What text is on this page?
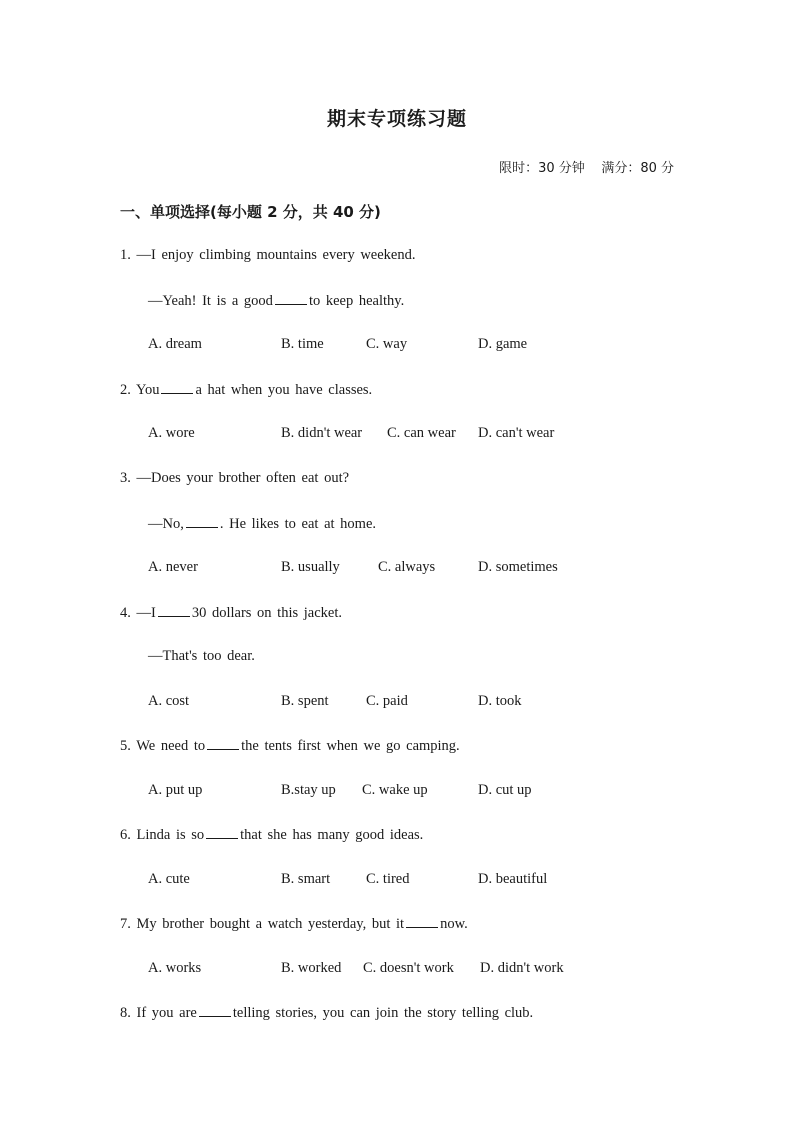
期末专项练习题
限时：30 分钟    满分：80 分
一、单项选择(每小题 2 分，共 40 分)
1. —I enjoy climbing mountains every weekend.
—Yeah! It is a good to keep healthy.
A. dream	B. time	C. way	D. game
2. You a hat when you have classes.
A. wore	B. didn't wear C. can wear D. can't wear
3. —Does your brother often eat out?
—No, . He likes to eat at home.
A. never	B. usually	C. always	D. sometimes
4. —I 30 dollars on this jacket.
—That's too dear.
A. cost	B. spent	C. paid	D. took
5. We need to the tents first when we go camping.
A. put up	B.stay up C. wake up	D. cut up
6. Linda is so that she has many good ideas.
A. cute	B. smart C. tired	D. beautiful
7. My brother bought a watch yesterday, but it now.
A. works	B. worked C. doesn't work D. didn't work
8. If you are telling stories, you can join the story telling club.
